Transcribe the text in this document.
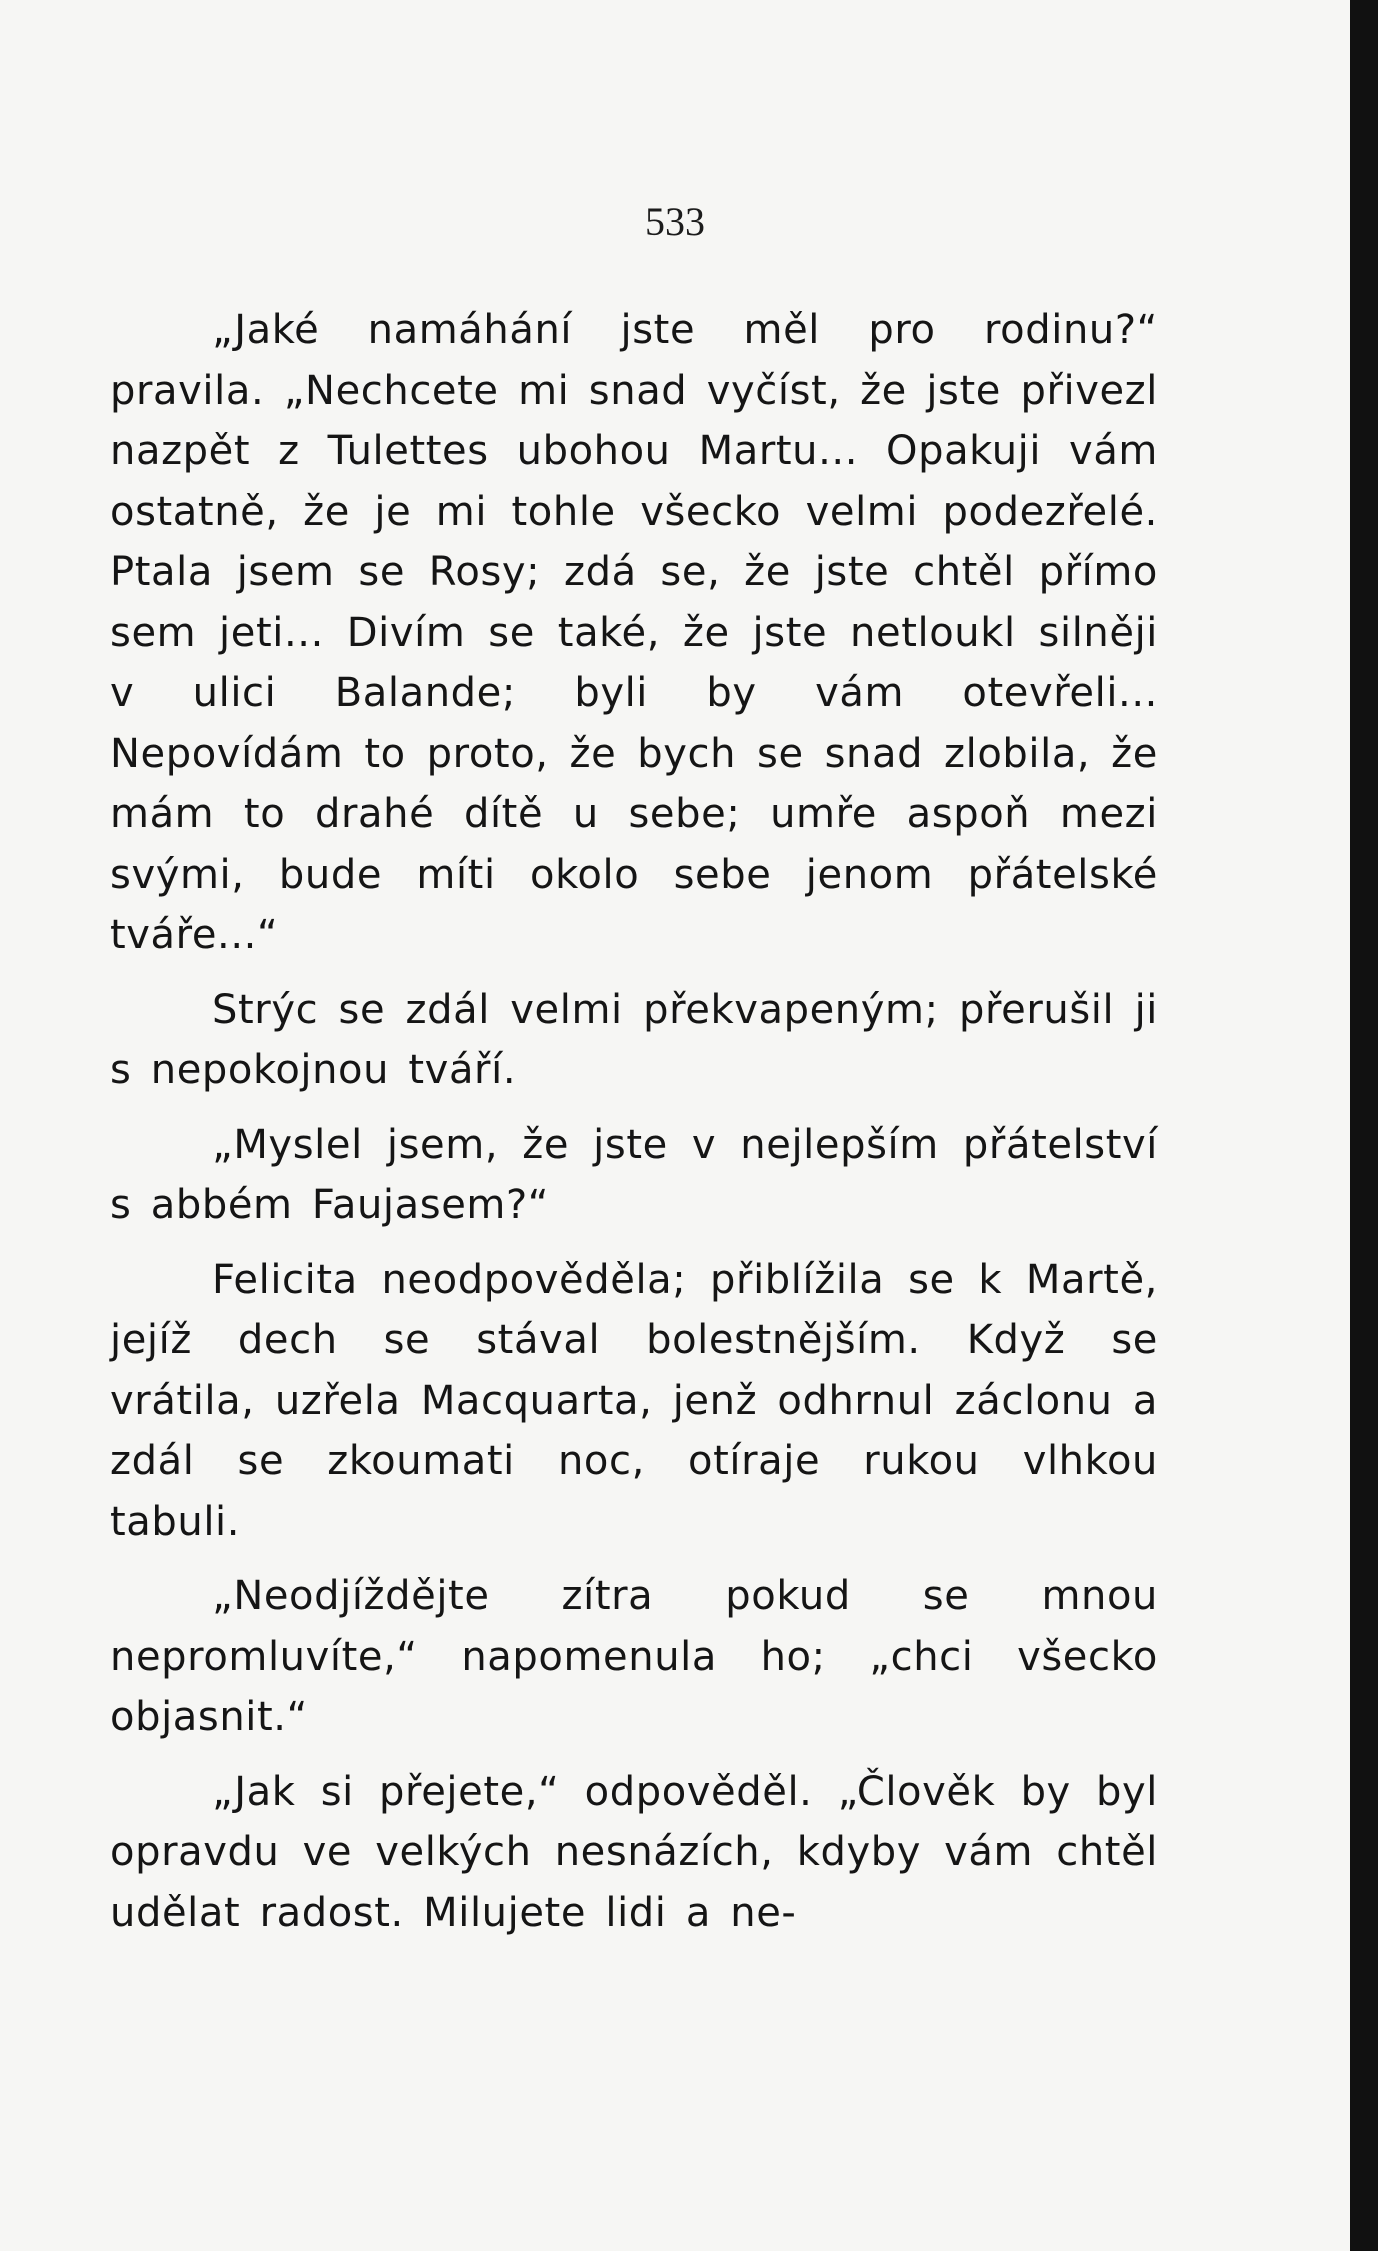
533

„Jaké namáhání jste měl pro rodinu?“ pravila. „Nechcete mi snad vyčíst, že jste přivezl nazpět z Tulettes ubohou Martu... Opakuji vám ostatně, že je mi tohle všecko velmi podezřelé. Ptala jsem se Rosy; zdá se, že jste chtěl přímo sem jeti... Divím se také, že jste netloukl silněji v ulici Balande; byli by vám otevřeli... Nepovídám to proto, že bych se snad zlobila, že mám to drahé dítě u sebe; umře aspoň mezi svými, bude míti okolo sebe jenom přátelské tváře...“

Strýc se zdál velmi překvapeným; přerušil ji s nepokojnou tváří.

„Myslel jsem, že jste v nejlepším přátelství s abbém Faujasem?“

Felicita neodpověděla; přiblížila se k Martě, jejíž dech se stával bolestnějším. Když se vrátila, uzřela Macquarta, jenž odhrnul záclonu a zdál se zkoumati noc, otíraje rukou vlhkou tabuli.

„Neodjíždějte zítra pokud se mnou nepromluvíte,“ napomenula ho; „chci všecko objasnit.“

„Jak si přejete,“ odpověděl. „Člověk by byl opravdu ve velkých nesnázích, kdyby vám chtěl udělat radost. Milujete lidi a ne-
